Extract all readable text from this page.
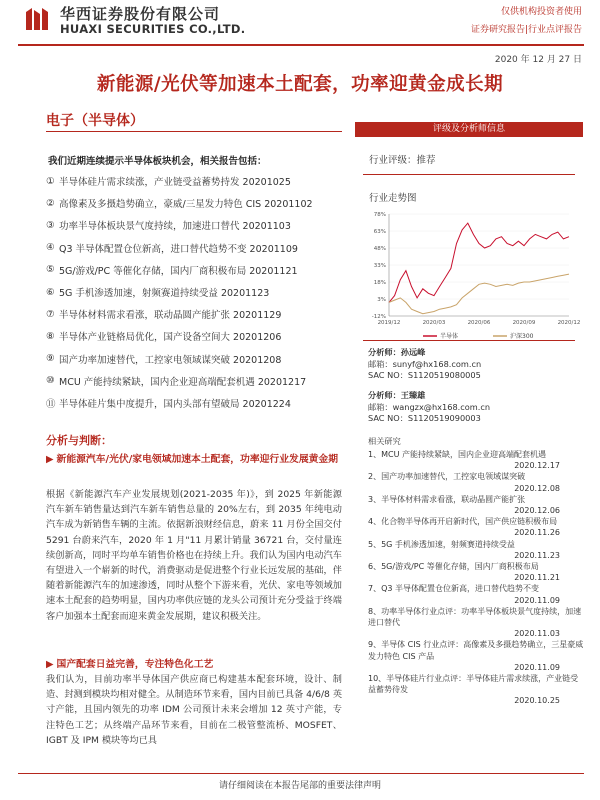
华西证券股份有限公司
HUAXI SECURITIES CO.,LTD.
仅供机构投资者使用
证券研究报告|行业点评报告
2020 年 12 月 27 日
新能源/光伏等加速本土配套，功率迎黄金成长期
电子（半导体）
我们近期连续提示半导体板块机会，相关报告包括：
① 半导体硅片需求续涨，产业链受益蓄势持发 20201025
② 高像素及多摄趋势确立，豪威/三星发力特色 CIS 20201102
③ 功率半导体板块景气度持续，加速进口替代 20201103
④ Q3 半导体配置仓位新高，进口替代趋势不变 20201109
⑤ 5G/游戏/PC 等催化存储，国内厂商积极布局 20201121
⑥ 5G 手机渗透加速，射频赛道持续受益 20201123
⑦ 半导体材料需求看涨，联动晶圆产能扩张 20201129
⑧ 半导体产业链格局优化，国产设备空间大 20201206
⑨ 国产功率加速替代，工控家电领域谋突破 20201208
⑩ MCU 产能持续紧缺，国内企业迎高端配套机遇 20201217
⑪ 半导体硅片集中度提升，国内头部有望破局 20201224
分析与判断：
▶ 新能源汽车/光伏/家电领域加速本土配套，功率迎行业发展黄金期
根据《新能源汽车产业发展规划(2021-2035 年)》，到 2025 年新能源汽车新车销售量达到汽车新车销售总量的 20%左右，到 2035 年纯电动汽车成为新销售车辆的主流。依据新浪财经信息，蔚来 11 月份全国交付 5291 台蔚来汽车，2020 年 1 月"11 月累计销量 36721 台，交付量连续创新高，同时平均单车销售价格也在持续上升。我们认为国内电动汽车有望进入一个崭新的时代，消费驱动是促进整个行业长远发展的基础，伴随着新能源汽车的加速渗透，同时从整个下游来看，光伏、家电等领域加速本土配套的趋势明显，国内功率供应链的龙头公司预计充分受益于终端客户加强本土配套而迎来黄金发展期，建议积极关注。
▶ 国产配套日益完善，专注特色化工艺
我们认为，目前功率半导体国产供应商已构建基本配套环境，设计、制造、封测到模块均相对健全。从制造环节来看，国内目前已具备 4/6/8 英寸产能，且国内领先的功率 IDM 公司预计未来会增加 12 英寸产能，专注特色工艺；从终端产品环节来看，目前在二极管整流桥、MOSFET、IGBT 及 IPM 模块等均已具
评级及分析师信息
行业评级：推荐
行业走势图
-12%
3%
18%
33%
48%
63%
78%
2019/12	2020/03	2020/06	2020/09	2020/12
半导体	沪深300
分析师：孙远峰
邮箱：sunyf@hx168.com.cn
SAC NO：S1120519080005
分析师：王臻雄
邮箱：wangzx@hx168.com.cn
SAC NO：S1120519090003
相关研究
1、MCU 产能持续紧缺，国内企业迎高端配套机遇
2020.12.17
2、国产功率加速替代，工控家电领域谋突破
2020.12.08
3、半导体材料需求看涨，联动晶圆产能扩张
2020.12.06
4、化合物半导体再开启新时代，国产供应链积极布局
2020.11.26
5、5G 手机渗透加速，射频赛道持续受益
2020.11.23
6、5G/游戏/PC 等催化存储，国内厂商积极布局
2020.11.21
7、Q3 半导体配置仓位新高，进口替代趋势不变
2020.11.09
8、功率半导体行业点评：功率半导体板块景气度持续，加速进口替代
2020.11.03
9、半导体 CIS 行业点评：高像素及多摄趋势确立，三星豪威发力特色 CIS 产品
2020.11.09
10、半导体硅片行业点评：半导体硅片需求续涨，产业链受益蓄势待发
2020.10.25
请仔细阅读在本报告尾部的重要法律声明
